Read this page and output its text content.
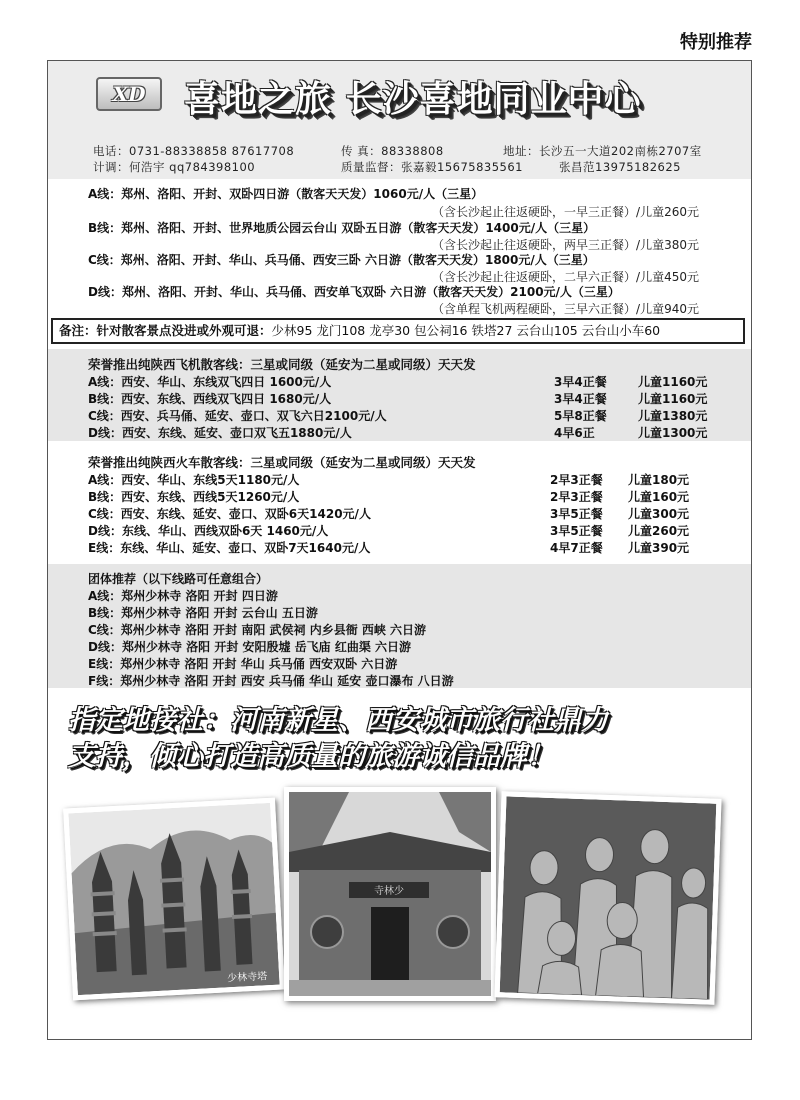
特别推荐
XD	喜地之旅 长沙喜地同业中心
电话：0731-88338858 87617708	传 真：88338808	地址：长沙五一大道202南栋2707室
计调：何浩宇 qq784398100	质量监督：张嘉毅15675835561	张昌范13975182625
A线：郑州、洛阳、开封、双卧四日游（散客天天发）1060元/人（三星）
（含长沙起止往返硬卧，一早三正餐）/儿童260元
B线：郑州、洛阳、开封、世界地质公园云台山 双卧五日游（散客天天发）1400元/人（三星）
（含长沙起止往返硬卧，两早三正餐）/儿童380元
C线：郑州、洛阳、开封、华山、兵马俑、西安三卧 六日游（散客天天发）1800元/人（三星）
（含长沙起止往返硬卧，二早六正餐）/儿童450元
D线：郑州、洛阳、开封、华山、兵马俑、西安单飞双卧 六日游（散客天天发）2100元/人（三星）
（含单程飞机两程硬卧，三早六正餐）/儿童940元
备注：针对散客景点没进或外观可退：少林95 龙门108 龙亭30 包公祠16 铁塔27 云台山105 云台山小车60
荣誉推出纯陕西飞机散客线：三星或同级（延安为二星或同级）天天发
A线：西安、华山、东线双飞四日 1600元/人	3早4正餐	儿童1160元
B线：西安、东线、西线双飞四日 1680元/人	3早4正餐	儿童1160元
C线：西安、兵马俑、延安、壶口、双飞六日2100元/人	5早8正餐	儿童1380元
D线：西安、东线、延安、壶口双飞五1880元/人	4早6正	儿童1300元
荣誉推出纯陕西火车散客线：三星或同级（延安为二星或同级）天天发
A线：西安、华山、东线5天1180元/人	2早3正餐 儿童180元
B线：西安、东线、西线5天1260元/人	2早3正餐 儿童160元
C线：西安、东线、延安、壶口、双卧6天1420元/人	3早5正餐 儿童300元
D线：东线、华山、西线双卧6天 1460元/人	3早5正餐 儿童260元
E线：东线、华山、延安、壶口、双卧7天1640元/人	4早7正餐 儿童390元
团体推荐（以下线路可任意组合）
A线：郑州少林寺 洛阳 开封 四日游
B线：郑州少林寺 洛阳 开封 云台山 五日游
C线：郑州少林寺 洛阳 开封 南阳 武侯祠 内乡县衙 西峡 六日游
D线：郑州少林寺 洛阳 开封 安阳殷墟 岳飞庙 红曲渠 六日游
E线：郑州少林寺 洛阳 开封 华山 兵马俑 西安双卧 六日游
F线：郑州少林寺 洛阳 开封 西安 兵马俑 华山 延安 壶口瀑布 八日游
指定地接社：河南新星、西安城市旅行社鼎力
支持，倾心打造高质量的旅游诚信品牌！
少林寺塔
寺林少
